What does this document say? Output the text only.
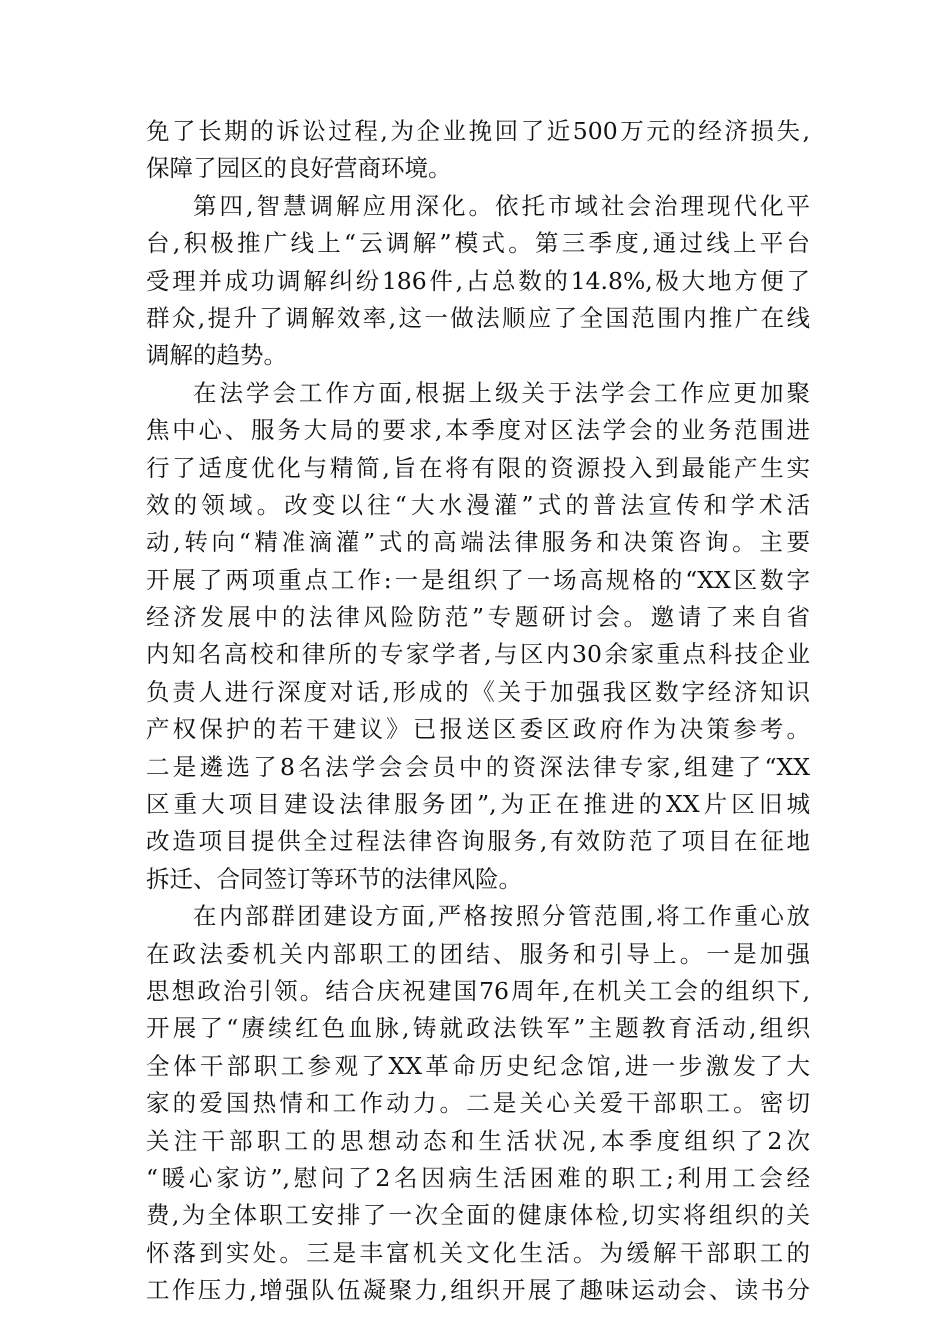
免了长期的诉讼过程,为企业挽回了近500万元的经济损失,
保障了园区的良好营商环境。
第四,智慧调解应用深化。依托市域社会治理现代化平
台,积极推广线上“云调解”模式。第三季度,通过线上平台
受理并成功调解纠纷186件,占总数的14.8%,极大地方便了
群众,提升了调解效率,这一做法顺应了全国范围内推广在线
调解的趋势。
在法学会工作方面,根据上级关于法学会工作应更加聚
焦中心、服务大局的要求,本季度对区法学会的业务范围进
行了适度优化与精简,旨在将有限的资源投入到最能产生实
效的领域。改变以往“大水漫灌”式的普法宣传和学术活
动,转向“精准滴灌”式的高端法律服务和决策咨询。主要
开展了两项重点工作:一是组织了一场高规格的“XX区数字
经济发展中的法律风险防范”专题研讨会。邀请了来自省
内知名高校和律所的专家学者,与区内30余家重点科技企业
负责人进行深度对话,形成的《关于加强我区数字经济知识
产权保护的若干建议》已报送区委区政府作为决策参考。
二是遴选了8名法学会会员中的资深法律专家,组建了“XX
区重大项目建设法律服务团”,为正在推进的XX片区旧城
改造项目提供全过程法律咨询服务,有效防范了项目在征地
拆迁、合同签订等环节的法律风险。
在内部群团建设方面,严格按照分管范围,将工作重心放
在政法委机关内部职工的团结、服务和引导上。一是加强
思想政治引领。结合庆祝建国76周年,在机关工会的组织下,
开展了“赓续红色血脉,铸就政法铁军”主题教育活动,组织
全体干部职工参观了XX革命历史纪念馆,进一步激发了大
家的爱国热情和工作动力。二是关心关爱干部职工。密切
关注干部职工的思想动态和生活状况,本季度组织了2次
“暖心家访”,慰问了2名因病生活困难的职工;利用工会经
费,为全体职工安排了一次全面的健康体检,切实将组织的关
怀落到实处。三是丰富机关文化生活。为缓解干部职工的
工作压力,增强队伍凝聚力,组织开展了趣味运动会、读书分
